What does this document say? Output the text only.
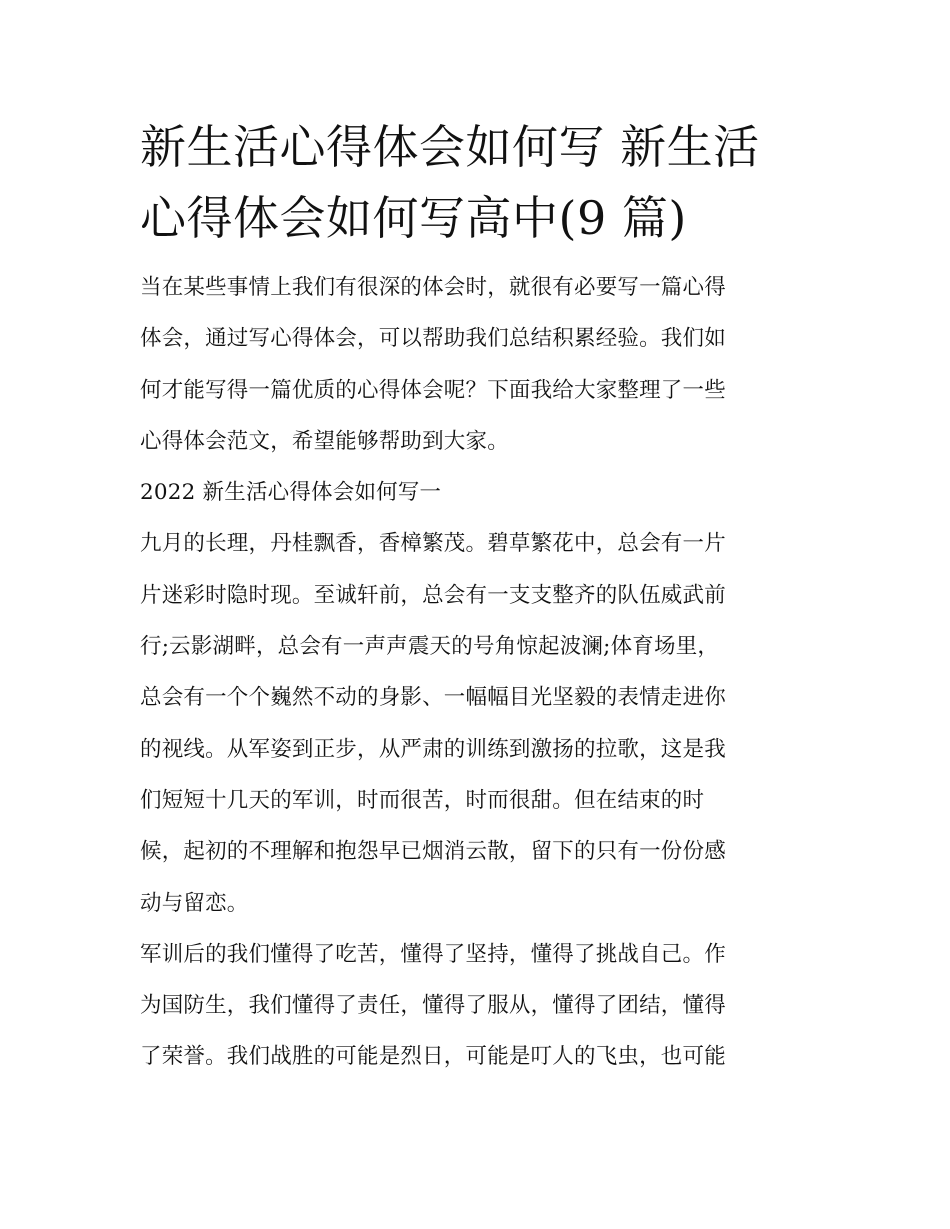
新生活心得体会如何写 新生活
心得体会如何写高中(9 篇)
当在某些事情上我们有很深的体会时，就很有必要写一篇心得
体会，通过写心得体会，可以帮助我们总结积累经验。我们如
何才能写得一篇优质的心得体会呢？下面我给大家整理了一些
心得体会范文，希望能够帮助到大家。
2022 新生活心得体会如何写一
九月的长理，丹桂飘香，香樟繁茂。碧草繁花中，总会有一片
片迷彩时隐时现。至诚轩前，总会有一支支整齐的队伍威武前
行;云影湖畔，总会有一声声震天的号角惊起波澜;体育场里，
总会有一个个巍然不动的身影、一幅幅目光坚毅的表情走进你
的视线。从军姿到正步，从严肃的训练到激扬的拉歌，这是我
们短短十几天的军训，时而很苦，时而很甜。但在结束的时
候，起初的不理解和抱怨早已烟消云散，留下的只有一份份感
动与留恋。
军训后的我们懂得了吃苦，懂得了坚持，懂得了挑战自己。作
为国防生，我们懂得了责任，懂得了服从，懂得了团结，懂得
了荣誉。我们战胜的可能是烈日，可能是叮人的飞虫，也可能
